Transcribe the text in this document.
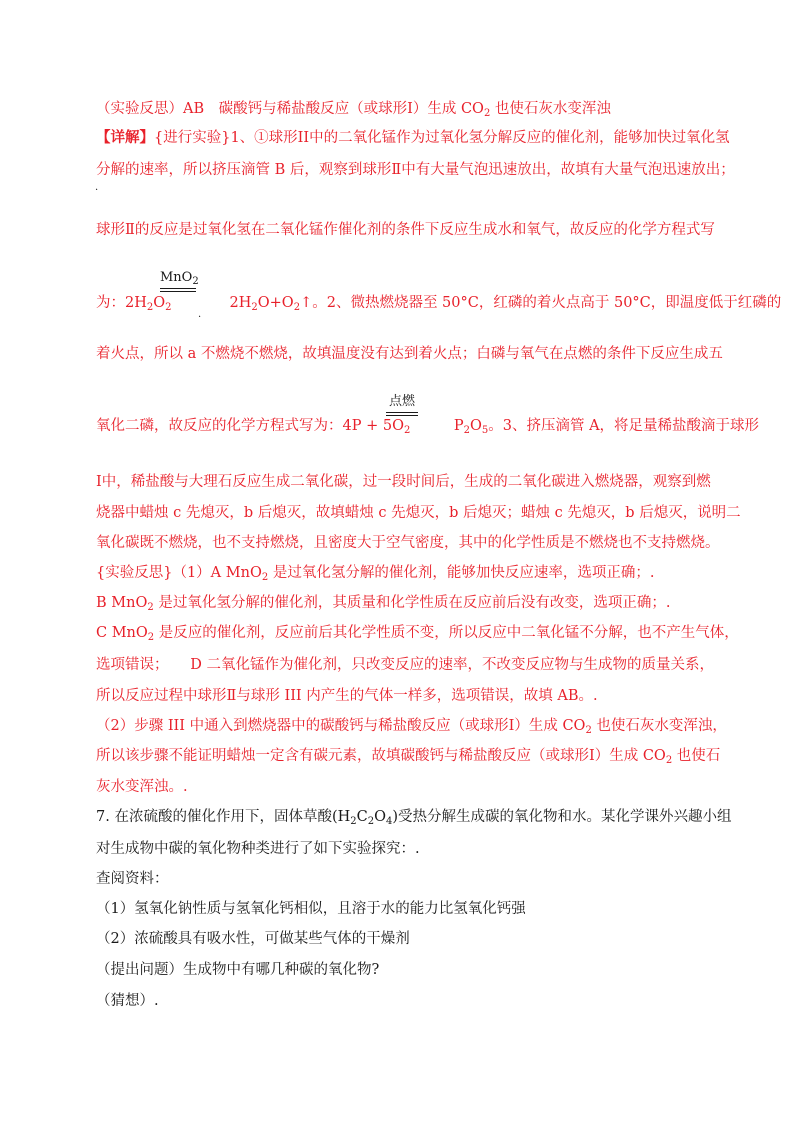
（实验反思）AB　碳酸钙与稀盐酸反应（或球形Ⅰ）生成 $CO_2$ 也使石灰水变浑浊
【详解】{进行实验}1、①球形II中的二氧化锰作为过氧化氢分解反应的催化剂，能够加快过氧化氢
分解的速率，所以挤压滴管 B 后，观察到球形Ⅱ中有大量气泡迅速放出，故填有大量气泡迅速放出；
.
球形Ⅱ的反应是过氧化氢在二氧化锰作催化剂的条件下反应生成水和氧气，故反应的化学方程式写
MnO$_2$
为：$2H_2O_2$　　　　$2H_2O+O_2↑$。2、微热燃烧器至 50°C，红磷的着火点高于 50°C，即温度低于红磷的
.
着火点，所以 a 不燃烧不燃烧，故填温度没有达到着火点；白磷与氧气在点燃的条件下反应生成五
点燃
氧化二磷，故反应的化学方程式写为：$4P + 5O_2$　　　$P_2O_5$。3、挤压滴管 A，将足量稀盐酸滴于球形
Ⅰ中，稀盐酸与大理石反应生成二氧化碳，过一段时间后，生成的二氧化碳进入燃烧器，观察到燃
烧器中蜡烛 c 先熄灭，b 后熄灭，故填蜡烛 c 先熄灭，b 后熄灭；蜡烛 c 先熄灭，b 后熄灭，说明二
氧化碳既不燃烧，也不支持燃烧，且密度大于空气密度，其中的化学性质是不燃烧也不支持燃烧。
{实验反思}（1）A MnO$_2$ 是过氧化氢分解的催化剂，能够加快反应速率，选项正确；.
B MnO$_2$ 是过氧化氢分解的催化剂，其质量和化学性质在反应前后没有改变，选项正确；.
C MnO$_2$ 是反应的催化剂，反应前后其化学性质不变，所以反应中二氧化锰不分解，也不产生气体，
选项错误；　　D 二氧化锰作为催化剂，只改变反应的速率，不改变反应物与生成物的质量关系，
所以反应过程中球形Ⅱ与球形 III 内产生的气体一样多，选项错误，故填 AB。.
（2）步骤 III 中通入到燃烧器中的碳酸钙与稀盐酸反应（或球形I）生成 $CO_2$ 也使石灰水变浑浊，
所以该步骤不能证明蜡烛一定含有碳元素，故填碳酸钙与稀盐酸反应（或球形I）生成 $CO_2$ 也使石
灰水变浑浊。.
7. 在浓硫酸的催化作用下，固体草酸$(H_2C_2O_4)$受热分解生成碳的氧化物和水。某化学课外兴趣小组
对生成物中碳的氧化物种类进行了如下实验探究：.
查阅资料：
（1）氢氧化钠性质与氢氧化钙相似，且溶于水的能力比氢氧化钙强
（2）浓硫酸具有吸水性，可做某些气体的干燥剂
（提出问题）生成物中有哪几种碳的氧化物?
（猜想）.
